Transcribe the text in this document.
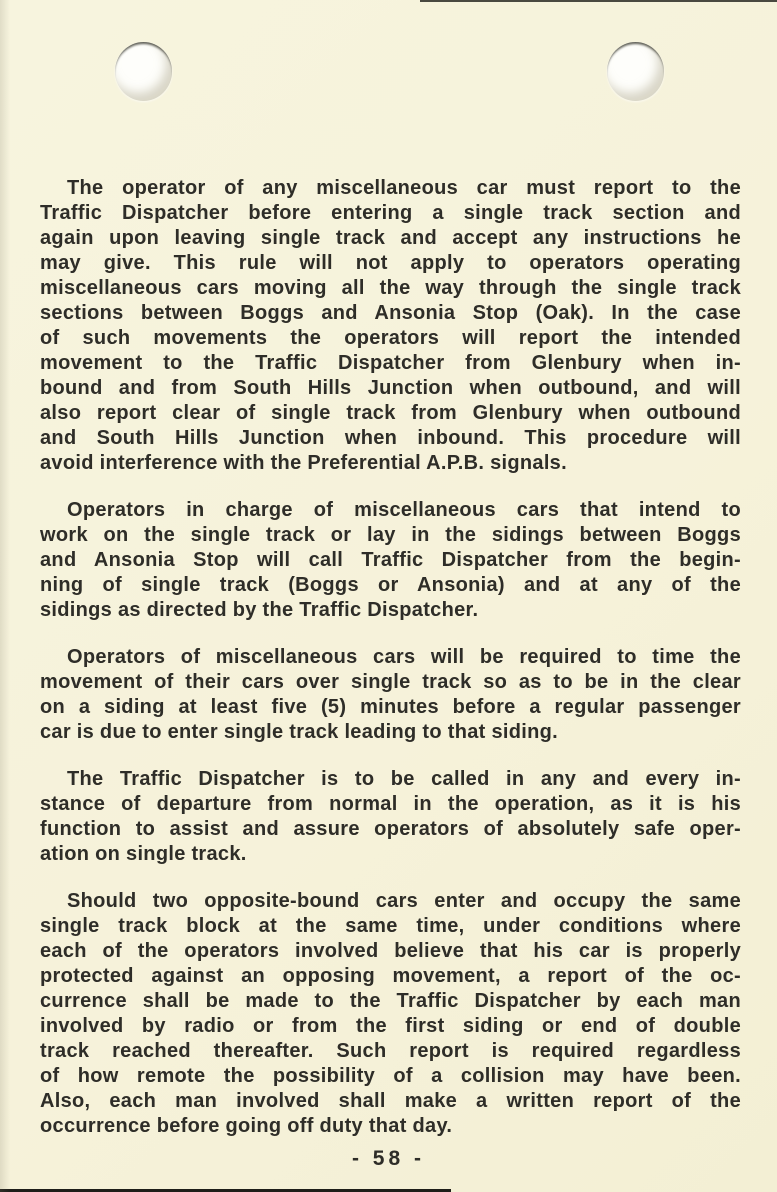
The operator of any miscellaneous car must report to the
Traffic Dispatcher before entering a single track section and
again upon leaving single track and accept any instructions he
may give. This rule will not apply to operators operating
miscellaneous cars moving all the way through the single track
sections between Boggs and Ansonia Stop (Oak). In the case
of such movements the operators will report the intended
movement to the Traffic Dispatcher from Glenbury when in-
bound and from South Hills Junction when outbound, and will
also report clear of single track from Glenbury when outbound
and South Hills Junction when inbound. This procedure will
avoid interference with the Preferential A.P.B. signals.
Operators in charge of miscellaneous cars that intend to
work on the single track or lay in the sidings between Boggs
and Ansonia Stop will call Traffic Dispatcher from the begin-
ning of single track (Boggs or Ansonia) and at any of the
sidings as directed by the Traffic Dispatcher.
Operators of miscellaneous cars will be required to time the
movement of their cars over single track so as to be in the clear
on a siding at least five (5) minutes before a regular passenger
car is due to enter single track leading to that siding.
The Traffic Dispatcher is to be called in any and every in-
stance of departure from normal in the operation, as it is his
function to assist and assure operators of absolutely safe oper-
ation on single track.
Should two opposite-bound cars enter and occupy the same
single track block at the same time, under conditions where
each of the operators involved believe that his car is properly
protected against an opposing movement, a report of the oc-
currence shall be made to the Traffic Dispatcher by each man
involved by radio or from the first siding or end of double
track reached thereafter. Such report is required regardless
of how remote the possibility of a collision may have been.
Also, each man involved shall make a written report of the
occurrence before going off duty that day.
- 58 -
